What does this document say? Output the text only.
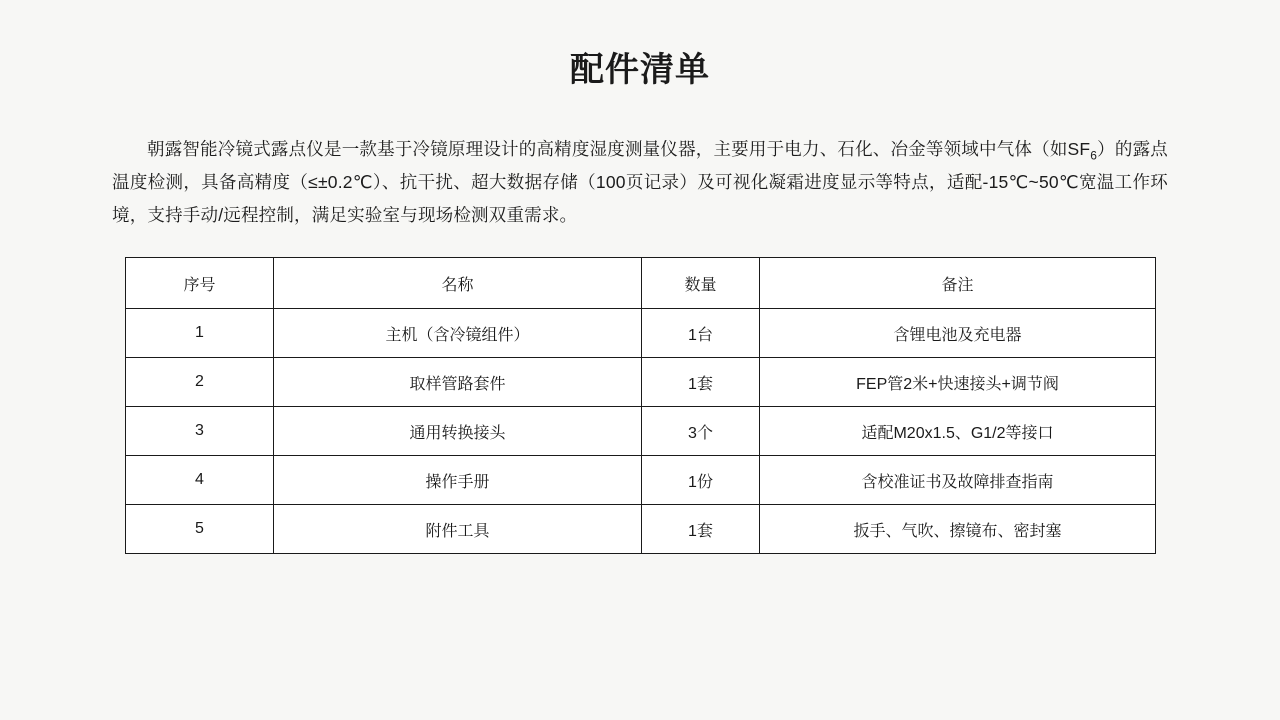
配件清单

朝露智能冷镜式露点仪是一款基于冷镜原理设计的高精度湿度测量仪器，主要用于电力、石化、冶金等领域中气体（如$SF_6$）的露点温度检测，具备高精度（≤±0.2℃）、抗干扰、超大数据存储（100页记录）及可视化凝霜进度显示等特点，适配-15℃~50℃宽温工作环境，支持手动/远程控制，满足实验室与现场检测双重需求。

序号	名称	数量	备注
1	主机（含冷镜组件）	1台	含锂电池及充电器
2	取样管路套件	1套	FEP管2米+快速接头+调节阀
3	通用转换接头	3个	适配M20x1.5、G1/2等接口
4	操作手册	1份	含校准证书及故障排查指南
5	附件工具	1套	扳手、气吹、擦镜布、密封塞
